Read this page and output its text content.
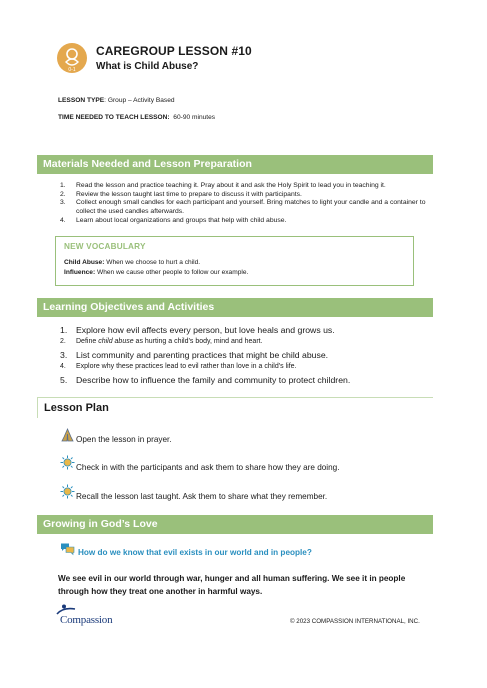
0-1
CAREGROUP LESSON #10
What is Child Abuse?
LESSON TYPE: Group – Activity Based
TIME NEEDED TO TEACH LESSON: 60-90 minutes
Materials Needed and Lesson Preparation
1. Read the lesson and practice teaching it. Pray about it and ask the Holy Spirit to lead you in teaching it.
2. Review the lesson taught last time to prepare to discuss it with participants.
3. Collect enough small candles for each participant and yourself. Bring matches to light your candle and a container to collect the used candles afterwards.
4. Learn about local organizations and groups that help with child abuse.
NEW VOCABULARY
Child Abuse: When we choose to hurt a child.
Influence: When we cause other people to follow our example.
Learning Objectives and Activities
1. Explore how evil affects every person, but love heals and grows us.
2. Define child abuse as hurting a child’s body, mind and heart.
3. List community and parenting practices that might be child abuse.
4. Explore why these practices lead to evil rather than love in a child’s life.
5. Describe how to influence the family and community to protect children.
Lesson Plan
Open the lesson in prayer.
Check in with the participants and ask them to share how they are doing.
Recall the lesson last taught. Ask them to share what they remember.
Growing in God’s Love
How do we know that evil exists in our world and in people?
We see evil in our world through war, hunger and all human suffering. We see it in people through how they treat one another in harmful ways.
Compassion	© 2023 COMPASSION INTERNATIONAL, INC.
